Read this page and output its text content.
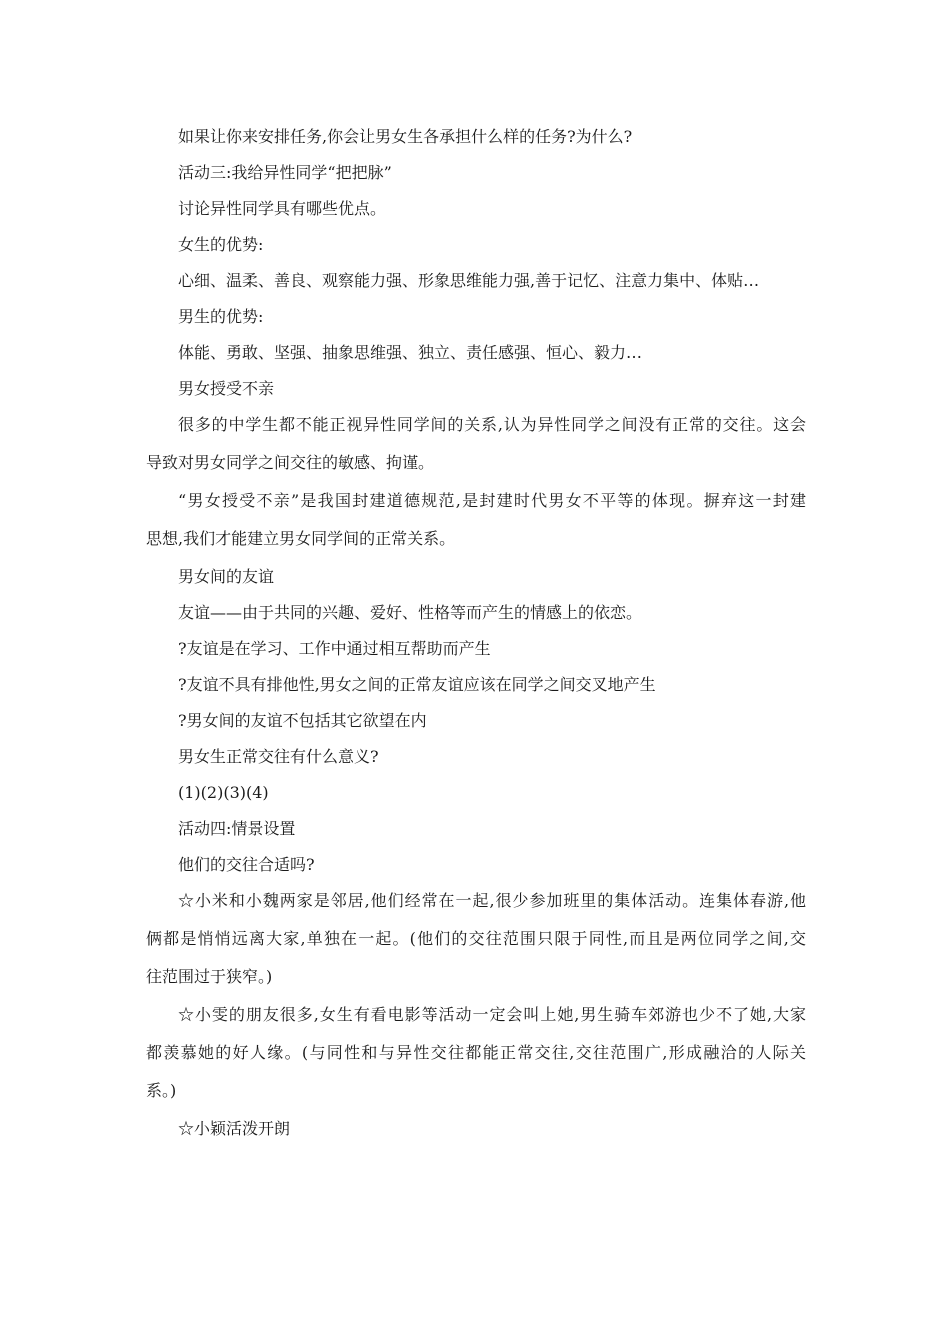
如果让你来安排任务,你会让男女生各承担什么样的任务?为什么?
活动三:我给异性同学“把把脉”
讨论异性同学具有哪些优点。
女生的优势:
心细、温柔、善良、观察能力强、形象思维能力强,善于记忆、注意力集中、体贴…
男生的优势:
体能、勇敢、坚强、抽象思维强、独立、责任感强、恒心、毅力…
男女授受不亲
很多的中学生都不能正视异性同学间的关系,认为异性同学之间没有正常的交往。这会
导致对男女同学之间交往的敏感、拘谨。
“男女授受不亲”是我国封建道德规范,是封建时代男女不平等的体现。摒弃这一封建
思想,我们才能建立男女同学间的正常关系。
男女间的友谊
友谊——由于共同的兴趣、爱好、性格等而产生的情感上的依恋。
?友谊是在学习、工作中通过相互帮助而产生
?友谊不具有排他性,男女之间的正常友谊应该在同学之间交叉地产生
?男女间的友谊不包括其它欲望在内
男女生正常交往有什么意义?
(1)(2)(3)(4)
活动四:情景设置
他们的交往合适吗?
☆小米和小魏两家是邻居,他们经常在一起,很少参加班里的集体活动。连集体春游,他
俩都是悄悄远离大家,单独在一起。(他们的交往范围只限于同性,而且是两位同学之间,交
往范围过于狭窄。)
☆小雯的朋友很多,女生有看电影等活动一定会叫上她,男生骑车郊游也少不了她,大家
都羡慕她的好人缘。(与同性和与异性交往都能正常交往,交往范围广,形成融洽的人际关
系。)
☆小颖活泼开朗
